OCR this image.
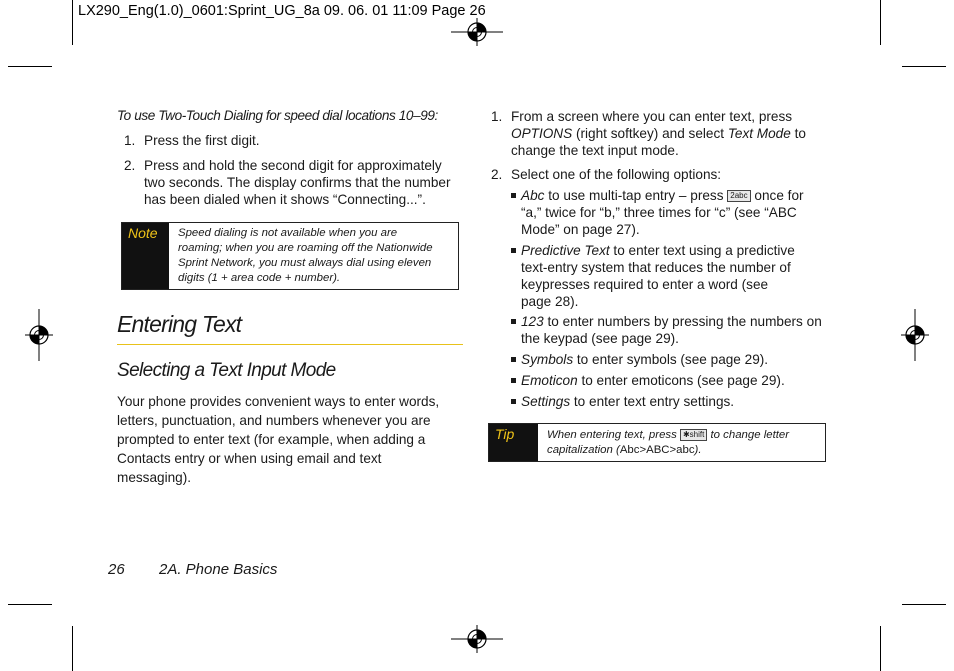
LX290_Eng(1.0)_0601:Sprint_UG_8a 09. 06. 01 11:09 Page 26
To use Two-Touch Dialing for speed dial locations 10–99:
1. Press the first digit.
2. Press and hold the second digit for approximately
two seconds. The display confirms that the number
has been dialed when it shows “Connecting...”.
Note	Speed dialing is not available when you are
roaming; when you are roaming off the Nationwide
Sprint Network, you must always dial using eleven
digits (1 + area code + number).
Entering Text
Selecting a Text Input Mode
Your phone provides convenient ways to enter words,
letters, punctuation, and numbers whenever you are
prompted to enter text (for example, when adding a
Contacts entry or when using email and text
messaging).
1. From a screen where you can enter text, press
OPTIONS (right softkey) and select Text Mode to
change the text input mode.
2. Select one of the following options:
Abc to use multi-tap entry – press 2abc once for
“a,” twice for “b,” three times for “c” (see “ABC
Mode” on page 27).
Predictive Text to enter text using a predictive
text-entry system that reduces the number of
keypresses required to enter a word (see
page 28).
123 to enter numbers by pressing the numbers on
the keypad (see page 29).
Symbols to enter symbols (see page 29).
Emoticon to enter emoticons (see page 29).
Settings to enter text entry settings.
Tip	When entering text, press ✱shift to change letter
capitalization (Abc>ABC>abc).
26 2A. Phone Basics
